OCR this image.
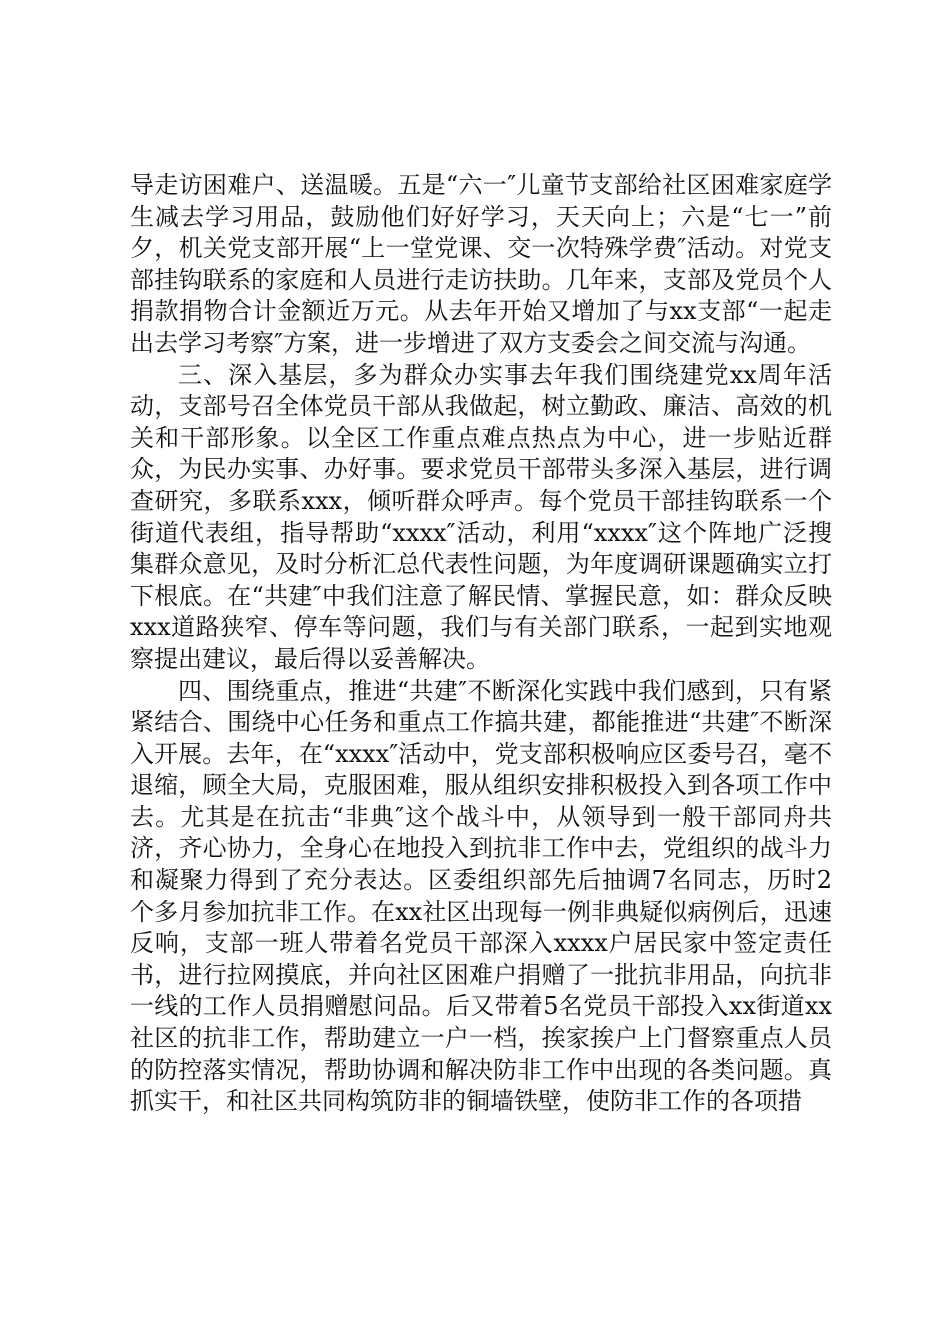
导走访困难户、送温暖。五是“六一″儿童节支部给社区困难家庭学生减去学习用品，鼓励他们好好学习，天天向上；六是“七一”前夕，机关党支部开展“上一堂党课、交一次特殊学费″活动。对党支部挂钩联系的家庭和人员进行走访扶助。几年来，支部及党员个人捐款捐物合计金额近万元。从去年开始又增加了与xx支部“一起走出去学习考察″方案，进一步增进了双方支委会之间交流与沟通。

三、深入基层，多为群众办实事去年我们围绕建党xx周年活动，支部号召全体党员干部从我做起，树立勤政、廉洁、高效的机关和干部形象。以全区工作重点难点热点为中心，进一步贴近群众，为民办实事、办好事。要求党员干部带头多深入基层，进行调查研究，多联系xxx，倾听群众呼声。每个党员干部挂钩联系一个街道代表组，指导帮助“xxxx″活动，利用“xxxx″这个阵地广泛搜集群众意见，及时分析汇总代表性问题，为年度调研课题确实立打下根底。在“共建″中我们注意了解民情、掌握民意，如：群众反映xxx道路狭窄、停车等问题，我们与有关部门联系，一起到实地观察提出建议，最后得以妥善解决。

四、围绕重点，推进“共建″不断深化实践中我们感到，只有紧紧结合、围绕中心任务和重点工作搞共建，都能推进“共建″不断深入开展。去年，在“xxxx″活动中，党支部积极响应区委号召，毫不退缩，顾全大局，克服困难，服从组织安排积极投入到各项工作中去。尤其是在抗击“非典″这个战斗中，从领导到一般干部同舟共济，齐心协力，全身心在地投入到抗非工作中去，党组织的战斗力和凝聚力得到了充分表达。区委组织部先后抽调7名同志，历时2个多月参加抗非工作。在xx社区出现每一例非典疑似病例后，迅速反响，支部一班人带着名党员干部深入xxxx户居民家中签定责任书，进行拉网摸底，并向社区困难户捐赠了一批抗非用品，向抗非一线的工作人员捐赠慰问品。后又带着5名党员干部投入xx街道xx社区的抗非工作，帮助建立一户一档，挨家挨户上门督察重点人员的防控落实情况，帮助协调和解决防非工作中出现的各类问题。真抓实干，和社区共同构筑防非的铜墙铁壁，使防非工作的各项措
